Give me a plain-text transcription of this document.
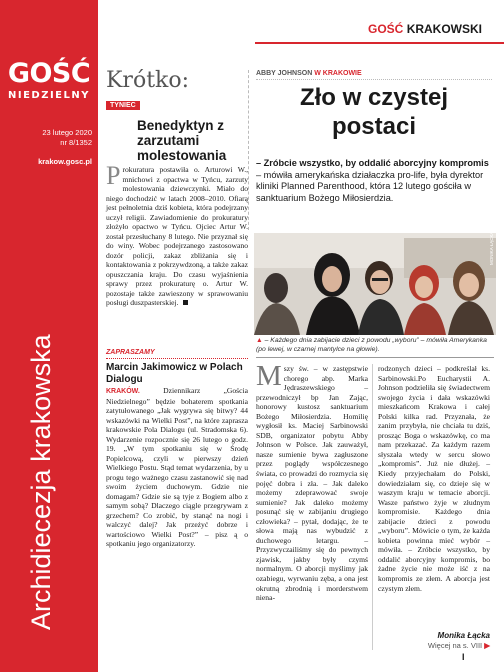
GOŚĆ
NIEDZIELNY
23 lutego 2020
nr 8/1352
krakow.gosc.pl
Archidiecezja krakowska
GOŚĆ KRAKOWSKI
Krótko:
TYNIEC
Benedyktyn z zarzutami molestowania
Prokuratura postawiła o. Arturowi W., mnichowi z opactwa w Tyńcu, zarzuty molestowania dziewczynki. Miało do niego dochodzić w latach 2008–2010. Ofiarą jest pełnoletnia dziś kobieta, która podejrzany uczył religii. Zawiadomienie do prokuratury złożyło opactwo w Tyńcu. Ojciec Artur W. został przesłuchany 8 lutego. Nie przyznał się do winy. Wobec podejrzanego zastosowano dozór policji, zakaz zbliżania się i kontaktowania z pokrzywdzoną, a także zakaz opuszczania kraju. Do czasu wyjaśnienia sprawy przez prokuraturę o. Artur W. pozostaje także zawieszony w sprawowaniu posługi duszpasterskiej.
ZAPRASZAMY
Marcin Jakimowicz w Polach Dialogu
KRAKÓW.	Dziennikarz „Gościa Niedzielnego” będzie bohaterem spotkania zatytułowanego „Jak wygrywa się bitwy? 44 wskazówki na Wielki Post”, na które zaprasza krakowskie Pola Dialogu (ul. Stradomska 6). Wydarzenie rozpocznie się 26 lutego o godz. 19. „W tym spotkaniu się w Środę Popielcową, czyli w pierwszy dzień Wielkiego Postu. Stąd temat wydarzenia, by u progu tego ważnego czasu zastanowić się nad swoim życiem duchowym. Gdzie nie domagam? Gdzie sie są tyje z Bogiem albo z samym sobą? Dlaczego ciągle przegrywam z grzechem? Co zrobić, by stanąć na nogi i walczyć dalej? Jak przeżyć dobrze i wartościowo Wielki Post?” – pisz ą o spotkaniu jego organizatorzy.
ABBY JOHNSON W KRAKOWIE
Zło w czystej postaci
– Zróbcie wszystko, by oddalić aborcyjny kompromis – mówiła amerykańska działaczka pro-life, była dyrektor kliniki Planned Parenthood, która 12 lutego gościła w sanktuarium Bożego Miłosierdzia.
MONIKA ŁĄCKA /FOTO GOŚĆ
▲ – Każdego dnia zabijacie dzieci z powodu „wyboru” – mówiła Amerykanka (po lewej, w czarnej mantylce na głowie).
Mszy św. – w zastępstwie chorego abp. Marka Jędraszewskiego – przewodniczył bp Jan Zając, honorowy kustosz sanktuarium Bożego Miłosierdzia. Homilię wygłosił ks. Maciej Sarbinowski SDB, organizator pobytu Abby Johnson w Polsce. Jak zauważył, nasze sumienie bywa zagłuszone przez poglądy współczesnego świata, co prowadzi do rozmycia się pojęć dobra i zła. – Jak daleko możemy zdeprawować swoje sumienie? Jak daleko możemy posunąć się w zabijaniu drugiego człowieka? – pytał, dodając, że te słowa mają nas wybudzić z duchowego letargu. – Przyzwyczailiśmy się do pewnych zjawisk, jakby były czymś normalnym. O aborcji myślimy jak ozabiegu, wyrwaniu zęba, a ona jest okrutną zbrodnią i morderstwem niena-
rodzonych dzieci – podkreślał ks. Sarbinowski.Po Eucharystii A. Johnson podzieliła się świadectwem swojego życia i dała wskazówki mieszkańcom Krakowa i całej Polski kilka rad. Przyznała, że zanim przybyła, nie chciała tu dziś, prosząc Boga o wskazówkę, co ma nam przekazać. Za każdym razem słyszała wtedy w sercu słowo „kompromis”. Już nie dłużej. – Kiedy przyjechałam do Polski, dowiedziałam się, co dzieje się w waszym kraju w temacie aborcji. Wasze państwo żyje w złudnym kompromisie. Każdego dnia zabijacie dzieci z powodu „wyboru”. Mówicie o tym, że każda kobieta powinna mieć wybór – mówiła. – Zróbcie wszystko, by oddalić aborcyjny kompromis, bo żadne życie nie może iść z na kompromis ze złem. A aborcja jest czystym złem.
Monika Łącka
Więcej na s. VIII ▶
I
